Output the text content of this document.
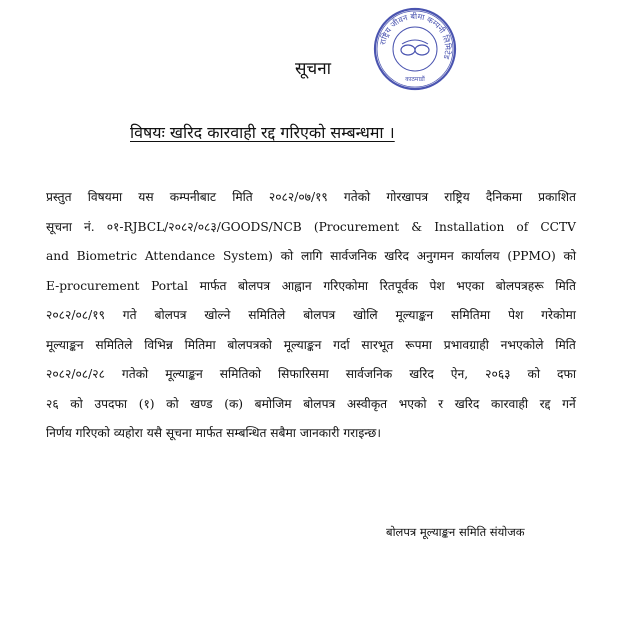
राष्ट्रिय जीवन बीमा कम्पनी लिमिटेड
काठमाडौं
सूचना
विषयः खरिद कारवाही रद्द गरिएको सम्बन्धमा ।
प्रस्तुत विषयमा यस कम्पनीबाट मिति २०८२/०७/१९ गतेको गोरखापत्र राष्ट्रिय दैनिकमा प्रकाशित
सूचना नं. ०१-RJBCL/२०८२/०८३/GOODS/NCB (Procurement & Installation of CCTV
and Biometric Attendance System) को लागि सार्वजनिक खरिद अनुगमन कार्यालय (PPMO) को
E-procurement Portal मार्फत बोलपत्र आह्वान गरिएकोमा रितपूर्वक पेश भएका बोलपत्रहरू मिति
२०८२/०८/१९ गते बोलपत्र खोल्ने समितिले बोलपत्र खोलि मूल्याङ्कन समितिमा पेश गरेकोमा
मूल्याङ्कन समितिले विभिन्न मितिमा बोलपत्रको मूल्याङ्कन गर्दा सारभूत रूपमा प्रभावग्राही नभएकोले मिति
२०८२/०८/२८ गतेको मूल्याङ्कन समितिको सिफारिसमा सार्वजनिक खरिद ऐन, २०६३ को दफा
२६ को उपदफा (१) को खण्ड (क) बमोजिम बोलपत्र अस्वीकृत भएको र खरिद कारवाही रद्द गर्ने
निर्णय गरिएको व्यहोरा यसै सूचना मार्फत सम्बन्धित सबैमा जानकारी गराइन्छ।
बोलपत्र मूल्याङ्कन समिति संयोजक
